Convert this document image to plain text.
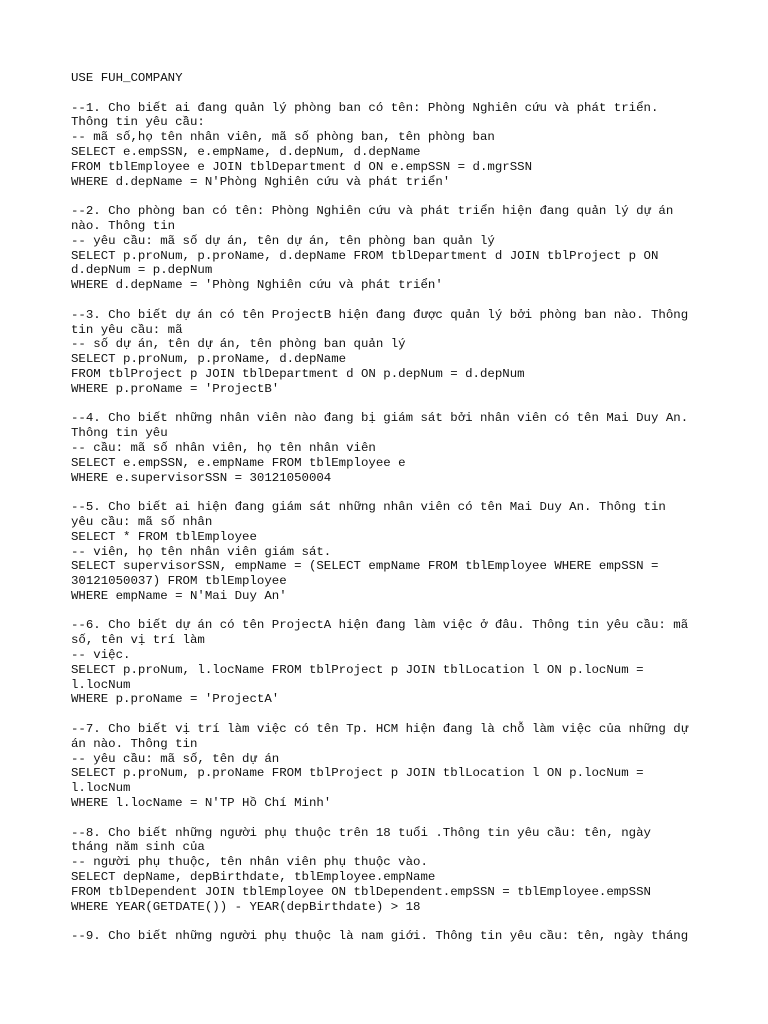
USE FUH_COMPANY
--1. Cho biết ai đang quản lý phòng ban có tên: Phòng Nghiên cứu và phát triển.
Thông tin yêu cầu:
-- mã số,họ tên nhân viên, mã số phòng ban, tên phòng ban
SELECT e.empSSN, e.empName, d.depNum, d.depName
FROM tblEmployee e JOIN tblDepartment d ON e.empSSN = d.mgrSSN
WHERE d.depName = N'Phòng Nghiên cứu và phát triển'
--2. Cho phòng ban có tên: Phòng Nghiên cứu và phát triển hiện đang quản lý dự án
nào. Thông tin
-- yêu cầu: mã số dự án, tên dự án, tên phòng ban quản lý
SELECT p.proNum, p.proName, d.depName FROM tblDepartment d JOIN tblProject p ON
d.depNum = p.depNum
WHERE d.depName = 'Phòng Nghiên cứu và phát triển'
--3. Cho biết dự án có tên ProjectB hiện đang được quản lý bởi phòng ban nào. Thông
tin yêu cầu: mã
-- số dự án, tên dự án, tên phòng ban quản lý
SELECT p.proNum, p.proName, d.depName
FROM tblProject p JOIN tblDepartment d ON p.depNum = d.depNum
WHERE p.proName = 'ProjectB'
--4. Cho biết những nhân viên nào đang bị giám sát bởi nhân viên có tên Mai Duy An.
Thông tin yêu
-- cầu: mã số nhân viên, họ tên nhân viên
SELECT e.empSSN, e.empName FROM tblEmployee e
WHERE e.supervisorSSN = 30121050004
--5. Cho biết ai hiện đang giám sát những nhân viên có tên Mai Duy An. Thông tin
yêu cầu: mã số nhân
SELECT * FROM tblEmployee
-- viên, họ tên nhân viên giám sát.
SELECT supervisorSSN, empName = (SELECT empName FROM tblEmployee WHERE empSSN =
30121050037) FROM tblEmployee
WHERE empName = N'Mai Duy An'
--6. Cho biết dự án có tên ProjectA hiện đang làm việc ở đâu. Thông tin yêu cầu: mã
số, tên vị trí làm
-- việc.
SELECT p.proNum, l.locName FROM tblProject p JOIN tblLocation l ON p.locNum =
l.locNum
WHERE p.proName = 'ProjectA'
--7. Cho biết vị trí làm việc có tên Tp. HCM hiện đang là chỗ làm việc của những dự
án nào. Thông tin
-- yêu cầu: mã số, tên dự án
SELECT p.proNum, p.proName FROM tblProject p JOIN tblLocation l ON p.locNum =
l.locNum
WHERE l.locName = N'TP Hồ Chí Minh'
--8. Cho biết những người phụ thuộc trên 18 tuổi .Thông tin yêu cầu: tên, ngày
tháng năm sinh của
-- người phụ thuộc, tên nhân viên phụ thuộc vào.
SELECT depName, depBirthdate, tblEmployee.empName
FROM tblDependent JOIN tblEmployee ON tblDependent.empSSN = tblEmployee.empSSN
WHERE YEAR(GETDATE()) - YEAR(depBirthdate) > 18
--9. Cho biết những người phụ thuộc là nam giới. Thông tin yêu cầu: tên, ngày tháng
